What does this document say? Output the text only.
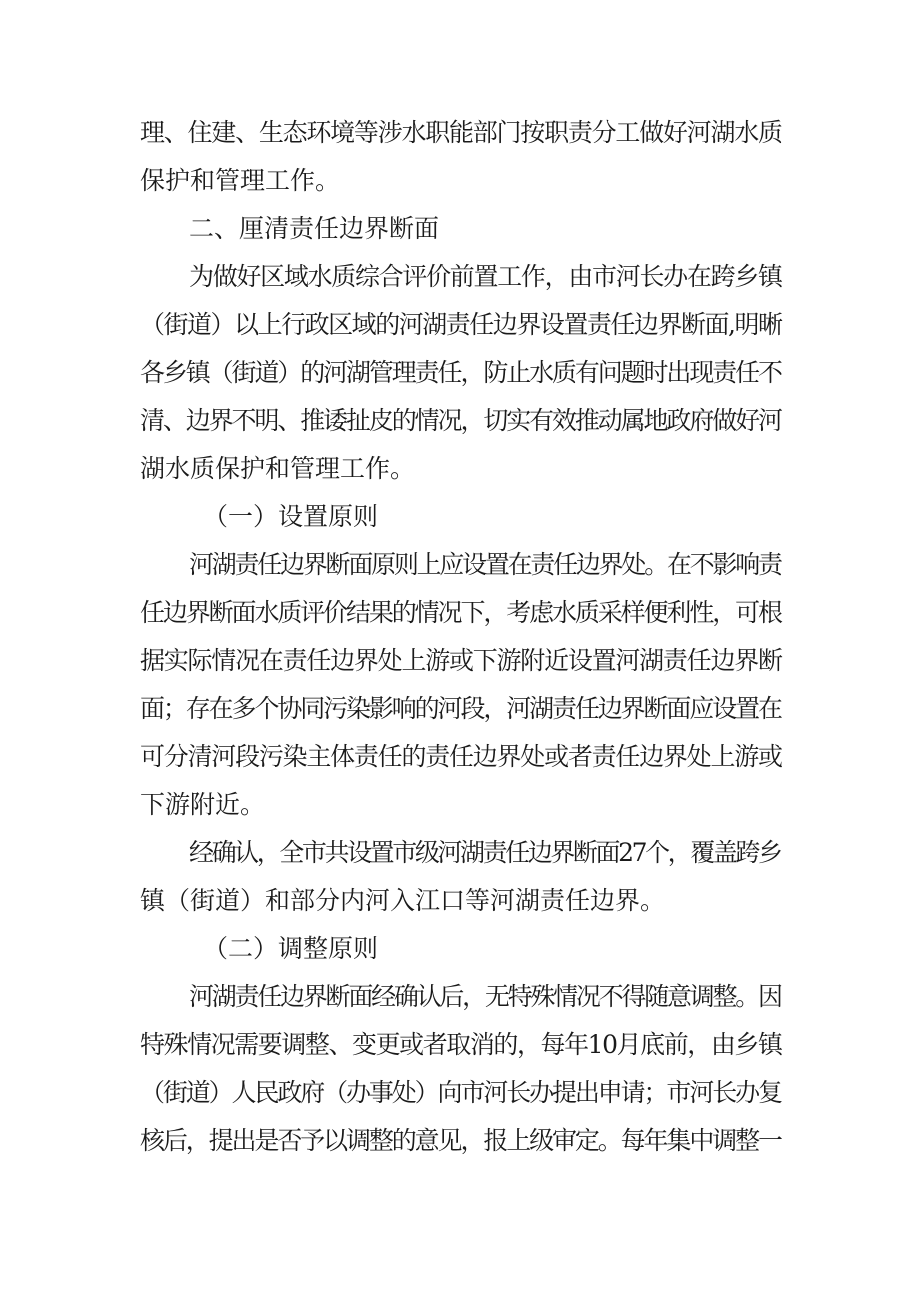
理、住建、生态环境等涉水职能部门按职责分工做好河湖水质
保护和管理工作。
二、厘清责任边界断面
为做好区域水质综合评价前置工作，由市河长办在跨乡镇
（街道）以上行政区域的河湖责任边界设置责任边界断面,明晰
各乡镇（街道）的河湖管理责任，防止水质有问题时出现责任不
清、边界不明、推诿扯皮的情况，切实有效推动属地政府做好河
湖水质保护和管理工作。
（一）设置原则
河湖责任边界断面原则上应设置在责任边界处。在不影响责
任边界断面水质评价结果的情况下，考虑水质采样便利性，可根
据实际情况在责任边界处上游或下游附近设置河湖责任边界断
面；存在多个协同污染影响的河段，河湖责任边界断面应设置在
可分清河段污染主体责任的责任边界处或者责任边界处上游或
下游附近。
经确认，全市共设置市级河湖责任边界断面27个，覆盖跨乡
镇（街道）和部分内河入江口等河湖责任边界。
（二）调整原则
河湖责任边界断面经确认后，无特殊情况不得随意调整。因
特殊情况需要调整、变更或者取消的，每年10月底前，由乡镇
（街道）人民政府（办事处）向市河长办提出申请；市河长办复
核后，提出是否予以调整的意见，报上级审定。每年集中调整一
